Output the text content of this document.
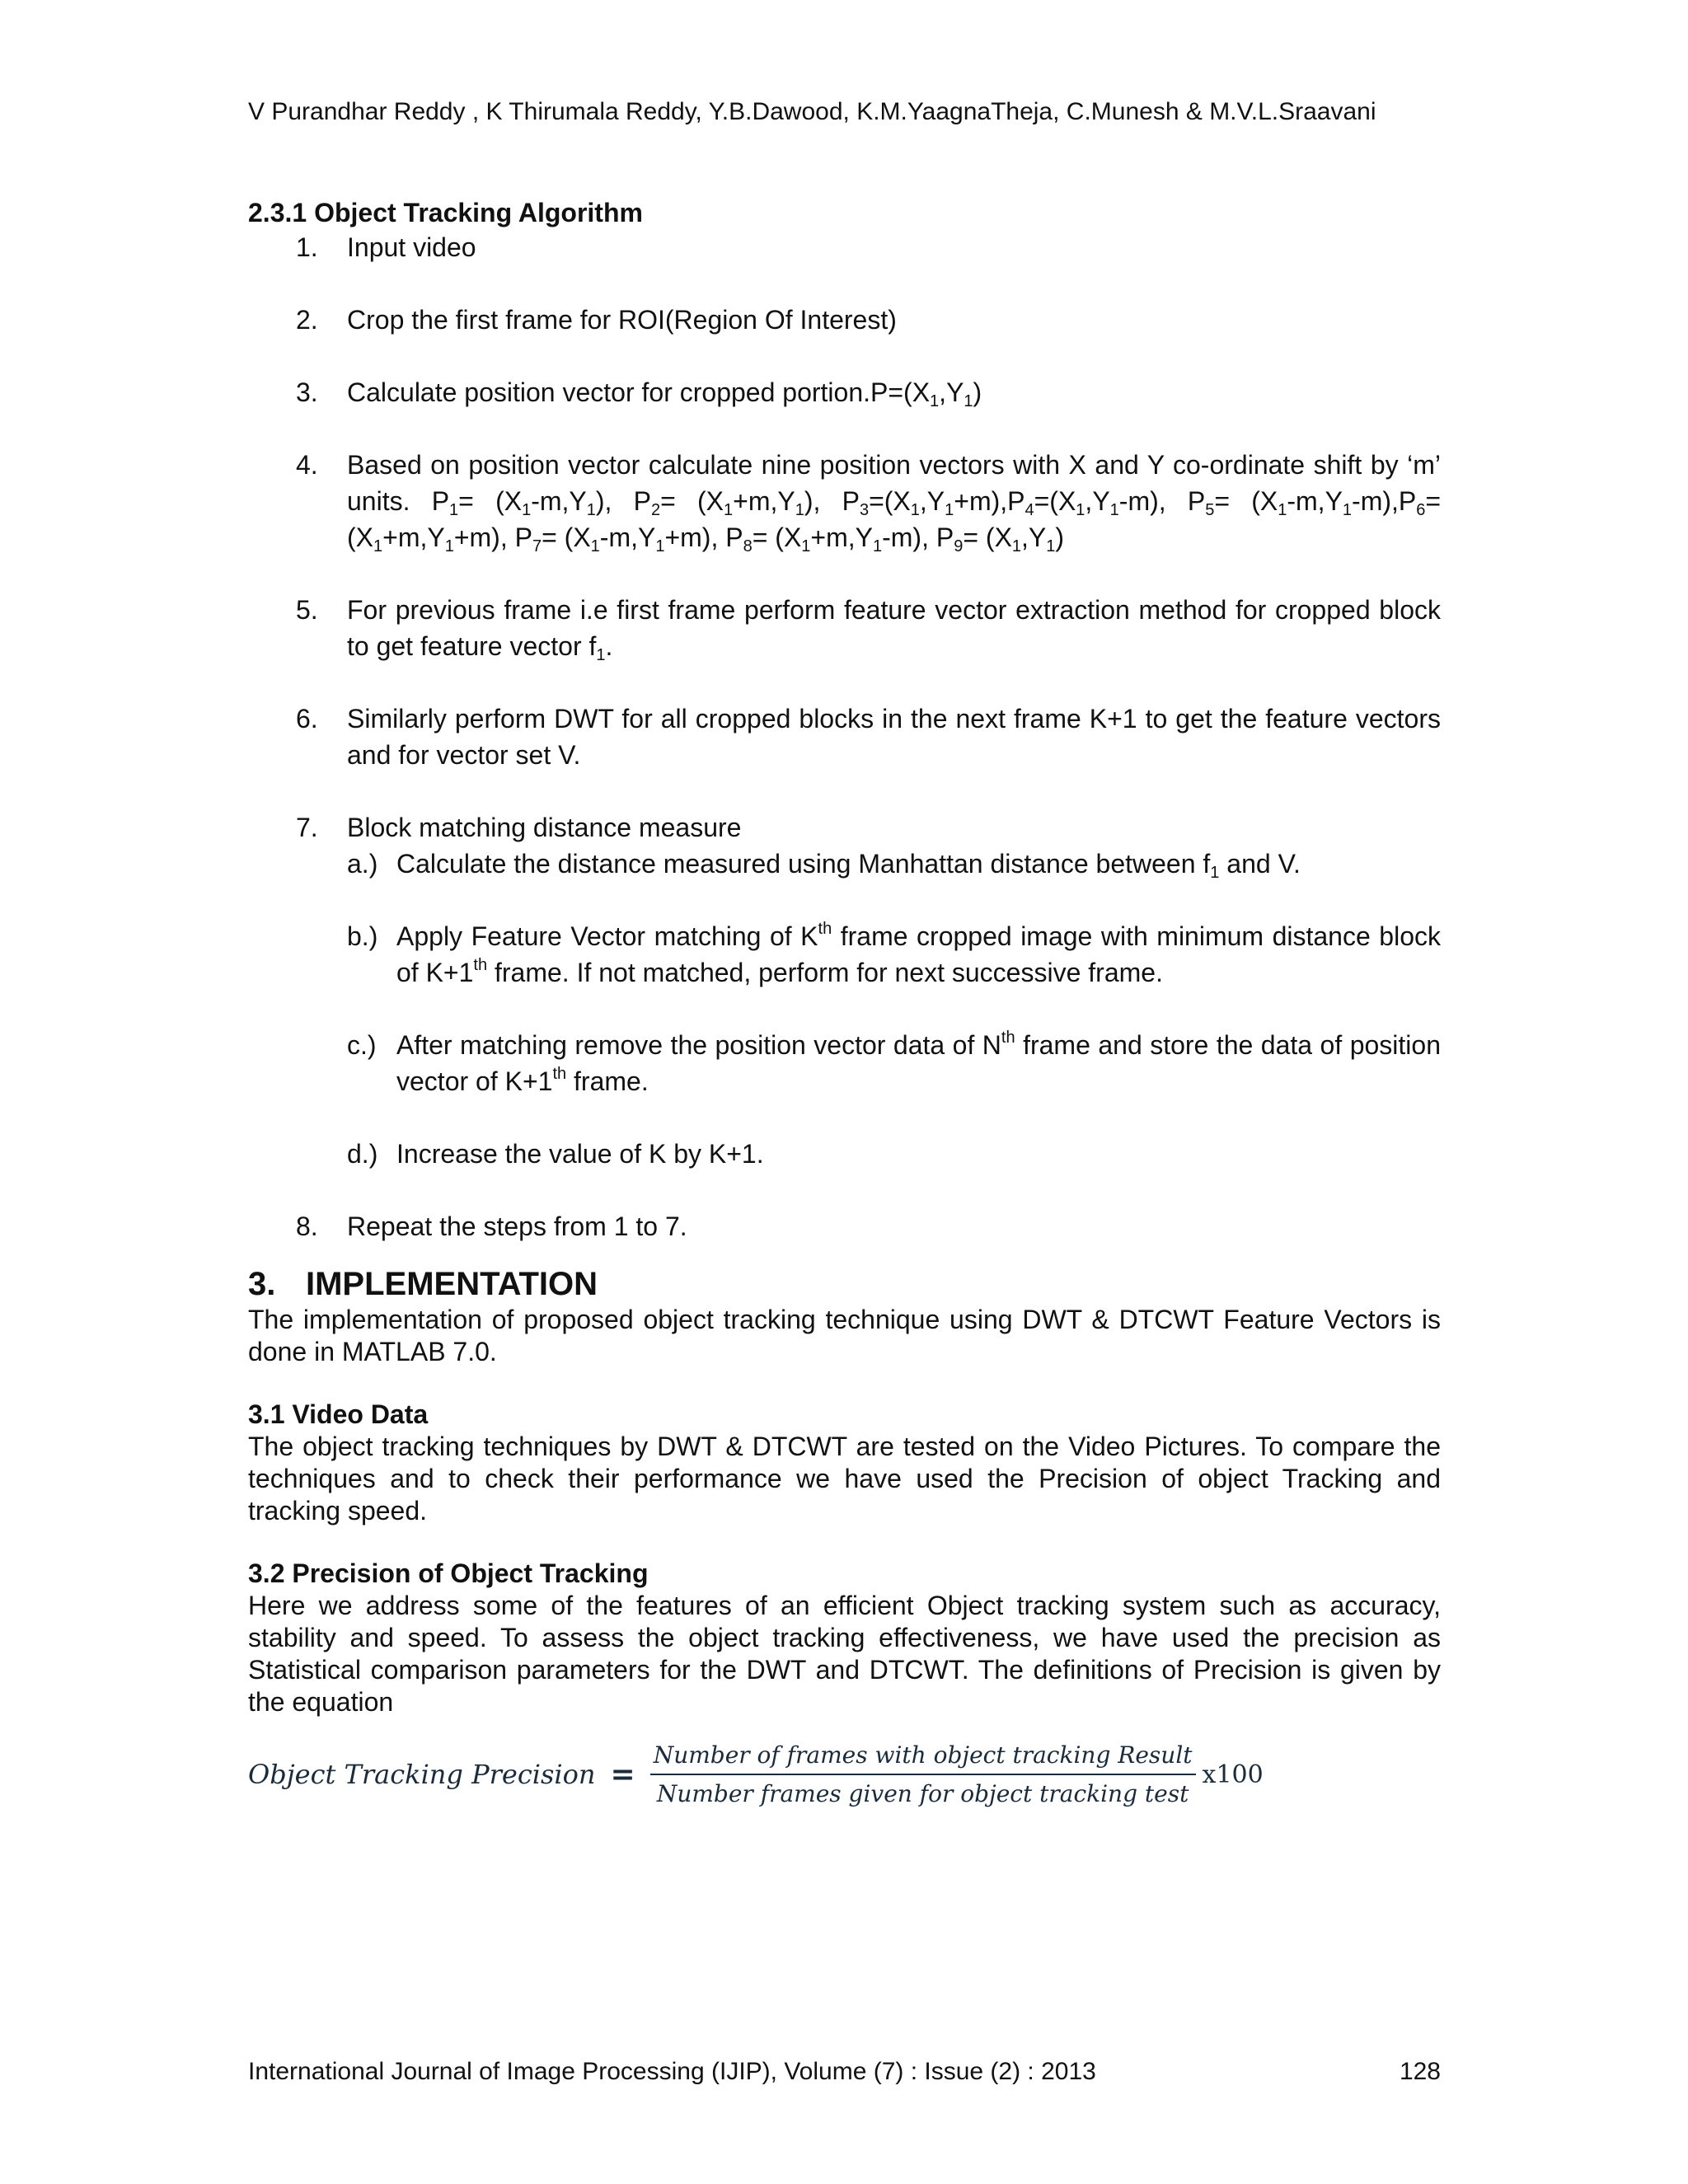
V Purandhar Reddy , K Thirumala Reddy, Y.B.Dawood, K.M.YaagnaTheja, C.Munesh & M.V.L.Sraavani

2.3.1 Object Tracking Algorithm

1. Input video
2. Crop the first frame for ROI(Region Of Interest)
3. Calculate position vector for cropped $portion.P=(X_1,Y_1)$
4. Based on position vector calculate nine position vectors with X and Y co-ordinate shift by ‘m’ units. $P_1= (X_1-m,Y_1)$, $P_2= (X_1+m,Y_1)$, $P_3=(X_1,Y_1+m),P_4=(X_1,Y_1-m)$, $P_5= (X_1-m,Y_1-m),P_6= (X_1+m,Y_1+m)$, $P_7= (X_1-m,Y_1+m)$, $P_8= (X_1+m,Y_1-m)$, $P_9= (X_1,Y_1)$
5. For previous frame i.e first frame perform feature vector extraction method for cropped block to get feature vector $f_1$.
6. Similarly perform DWT for all cropped blocks in the next frame K+1 to get the feature vectors and for vector set V.
7. Block matching distance measure
a.) Calculate the distance measured using Manhattan distance between $f_1$ and V.
b.) Apply Feature Vector matching of $K^{th}$ frame cropped image with minimum distance block of K+1th frame. If not matched, perform for next successive frame.
c.) After matching remove the position vector data of $N^{th}$ frame and store the data of position vector of K+1th frame.
d.) Increase the value of K by K+1.
8. Repeat the steps from 1 to 7.
3. IMPLEMENTATION

The implementation of proposed object tracking technique using DWT & DTCWT Feature Vectors is done in MATLAB 7.0.

3.1 Video Data

The object tracking techniques by DWT & DTCWT are tested on the Video Pictures. To compare the techniques and to check their performance we have used the Precision of object Tracking and tracking speed.

3.2 Precision of Object Tracking

Here we address some of the features of an efficient Object tracking system such as accuracy, stability and speed. To assess the object tracking effectiveness, we have used the precision as Statistical comparison parameters for the DWT and DTCWT. The definitions of Precision is given by the equation

Object Tracking Precision = $\frac{\text{Number of frames with object tracking Result}}{\text{Number frames given for object tracking test}} x100$
International Journal of Image Processing (IJIP), Volume (7) : Issue (2) : 2013	128
